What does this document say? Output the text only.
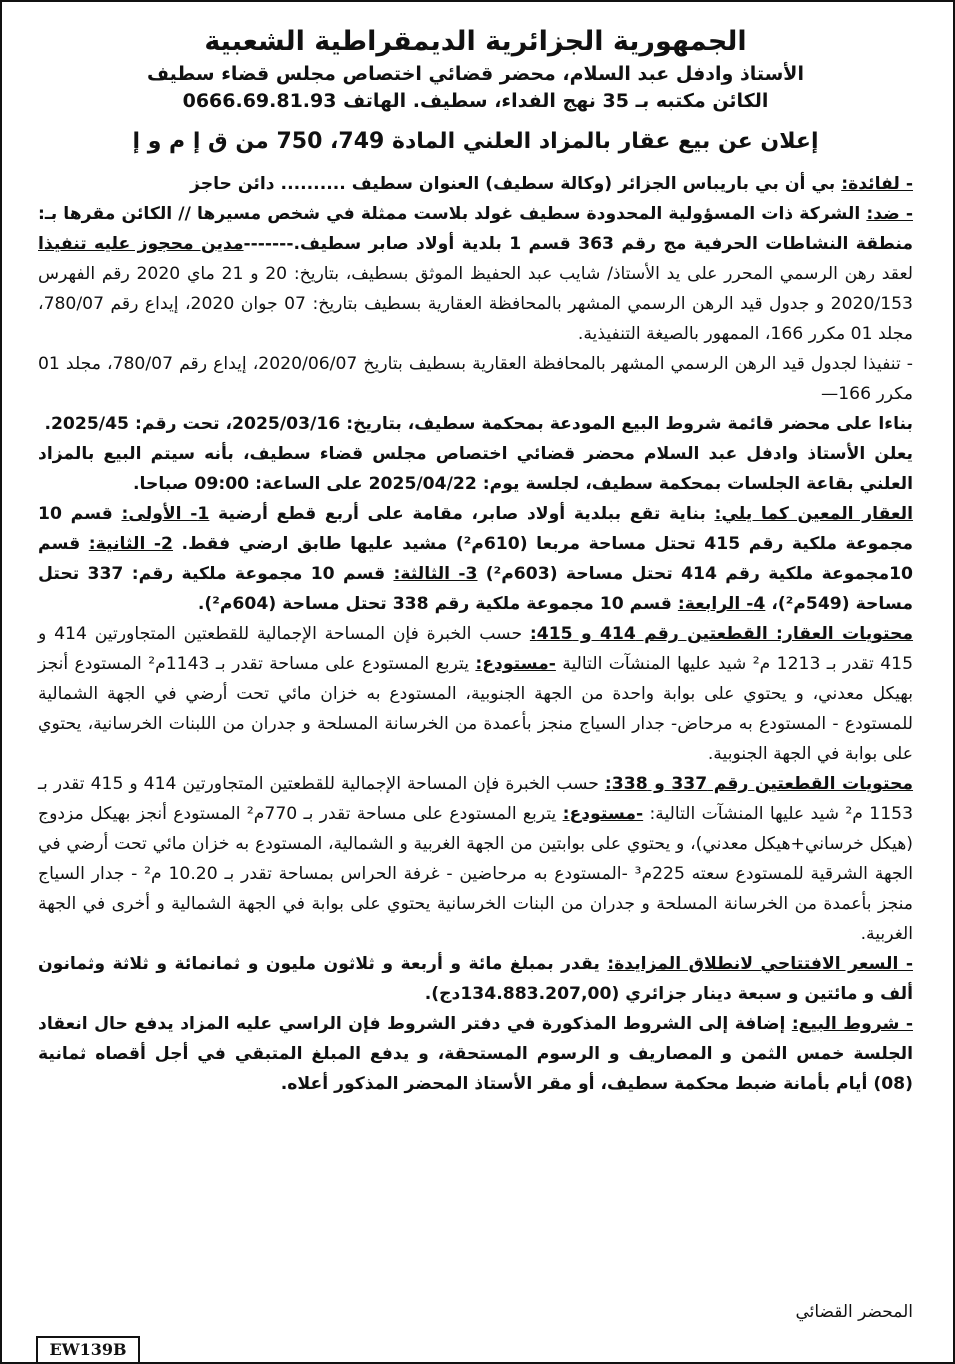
الجمهورية الجزائرية الديمقراطية الشعبية
الأستاذ وادفل عبد السلام، محضر قضائي اختصاص مجلس قضاء سطيف
الكائن مكتبه بـ 35 نهج الفداء، سطيف. الهاتف 0666.69.81.93
إعلان عن بيع عقار بالمزاد العلني المادة 749، 750 من ق إ م و إ

- لفائدة: بي أن بي باريباس الجزائر (وكالة سطيف) العنوان سطيف .......... دائن حاجز

- ضد: الشركة ذات المسؤولية المحدودة سطيف غولد بلاست ممثلة في شخص مسيرها // الكائن مقرها بـ: منطقة النشاطات الحرفية مج رقم 363 قسم 1 بلدية أولاد صابر سطيف.-------مدين محجوز عليه تنفيذا لعقد رهن الرسمي المحرر على يد الأستاذ/ شايب عبد الحفيظ الموثق بسطيف، بتاريخ: 20 و 21 ماي 2020 رقم الفهرس 2020/153 و جدول قيد الرهن الرسمي المشهر بالمحافظة العقارية بسطيف بتاريخ: 07 جوان 2020، إيداع رقم 780/07، مجلد 01 مكرر 166، الممهور بالصيغة التنفيذية.

- تنفيذا لجدول قيد الرهن الرسمي المشهر بالمحافظة العقارية بسطيف بتاريخ 2020/06/07، إيداع رقم 780/07، مجلد 01 مكرر 166—

بناءا على محضر قائمة شروط البيع المودعة بمحكمة سطيف، بتاريخ: 2025/03/16، تحت رقم: 2025/45.

يعلن الأستاذ وادفل عبد السلام محضر قضائي اختصاص مجلس قضاء سطيف، بأنه سيتم البيع بالمزاد العلني بقاعة الجلسات بمحكمة سطيف، لجلسة يوم: 2025/04/22 على الساعة: 09:00 صباحا.

العقار المعين كما يلي: بناية تقع ببلدية أولاد صابر، مقامة على أربع قطع أرضية 1- الأولى: قسم 10 مجموعة ملكية رقم 415 تحتل مساحة مربعا (610م²) مشيد عليها طابق ارضي فقط. 2- الثانية: قسم 10مجموعة ملكية رقم 414 تحتل مساحة (603م²) 3- الثالثة: قسم 10 مجموعة ملكية رقم: 337 تحتل مساحة (549م²)، 4- الرابعة: قسم 10 مجموعة ملكية رقم 338 تحتل مساحة (604م²).

محتويات العقار: القطعتين رقم 414 و 415: حسب الخبرة فإن المساحة الإجمالية للقطعتين المتجاورتين 414 و 415 تقدر بـ 1213 م² شيد عليها المنشآت التالية -مستودع: يتربع المستودع على مساحة تقدر بـ 1143م² المستودع أنجز بهيكل معدني، و يحتوي على بوابة واحدة من الجهة الجنوبية، المستودع به خزان مائي تحت أرضي في الجهة الشمالية للمستودع - المستودع به مرحاض- جدار السياج منجز بأعمدة من الخرسانة المسلحة و جدران من اللبنات الخرسانية، يحتوي على بوابة في الجهة الجنوبية.

محتويات القطعتين رقم 337 و 338: حسب الخبرة فإن المساحة الإجمالية للقطعتين المتجاورتين 414 و 415 تقدر بـ 1153 م² شيد عليها المنشآت التالية: -مستودع: يتربع المستودع على مساحة تقدر بـ 770م² المستودع أنجز بهيكل مزدوج (هيكل خرساني+هيكل معدني)، و يحتوي على بوابتين من الجهة الغربية و الشمالية، المستودع به خزان مائي تحت أرضي في الجهة الشرقية للمستودع سعته 225م³ -المستودع به مرحاضين - غرفة الحراس بمساحة تقدر بـ 10.20 م² - جدار السياج منجز بأعمدة من الخرسانة المسلحة و جدران من البنات الخرسانية يحتوي على بوابة في الجهة الشمالية و أخرى في الجهة الغربية.

- السعر الافتتاحي لانطلاق المزايدة: يقدر بمبلغ مائة و أربعة و ثلاثون مليون و ثمانمائة و ثلاثة وثمانون ألف و مائتين و سبعة دينار جزائري (134.883.207,00دج).

- شروط البيع: إضافة إلى الشروط المذكورة في دفتر الشروط فإن الراسي عليه المزاد يدفع حال انعقاد الجلسة خمس الثمن و المصاريف و الرسوم المستحقة، و يدفع المبلغ المتبقي في أجل أقصاه ثمانية (08) أيام بأمانة ضبط محكمة سطيف، أو مقر الأستاذ المحضر المذكور أعلاه.

المحضر القضائي
EW139B
